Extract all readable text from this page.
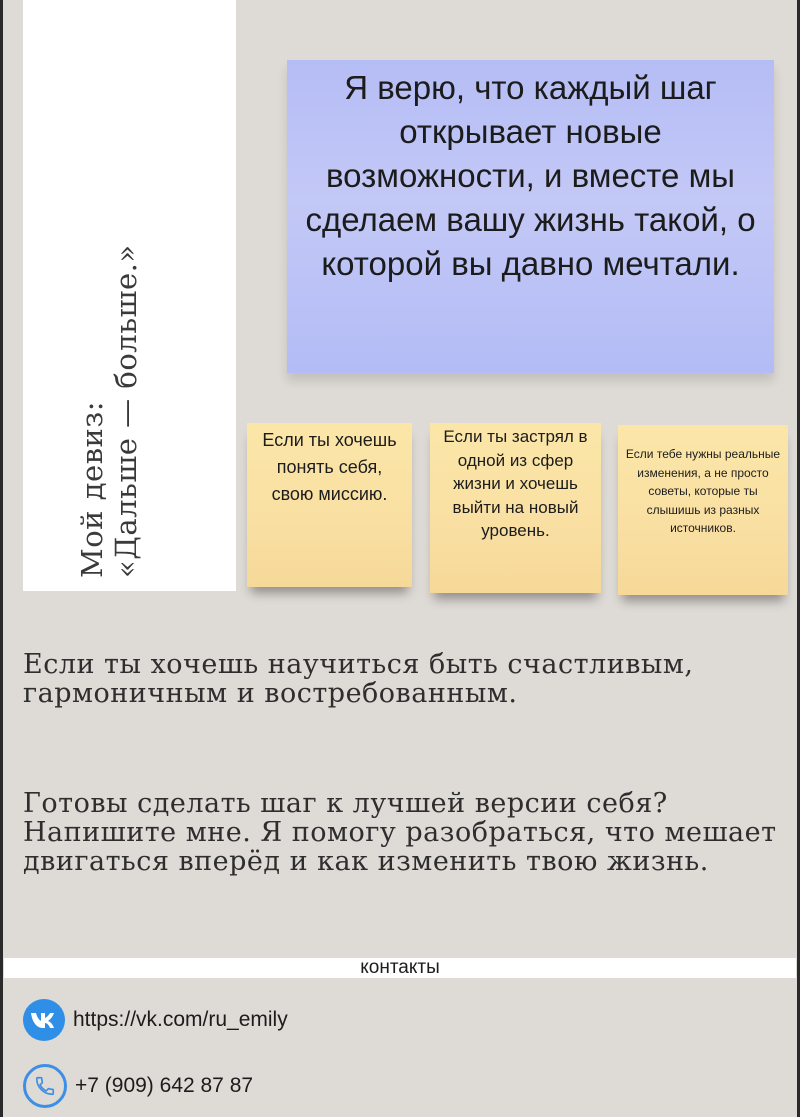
Мой девиз: «Дальше — больше.»
Я верю, что каждый шаг открывает новые возможности, и вместе мы сделаем вашу жизнь такой, о которой вы давно мечтали.
Если ты хочешь понять себя, свою миссию.
Если ты застрял в одной из сфер жизни и хочешь выйти на новый уровень.
Если тебе нужны реальные изменения, а не просто советы, которые ты слышишь из разных источников.
Если ты хочешь научиться быть счастливым, гармоничным и востребованным.
Готовы сделать шаг к лучшей версии себя? Напишите мне. Я помогу разобраться, что мешает двигаться вперёд и как изменить твою жизнь.
контакты
https://vk.com/ru_emily
+7 (909) 642 87 87
